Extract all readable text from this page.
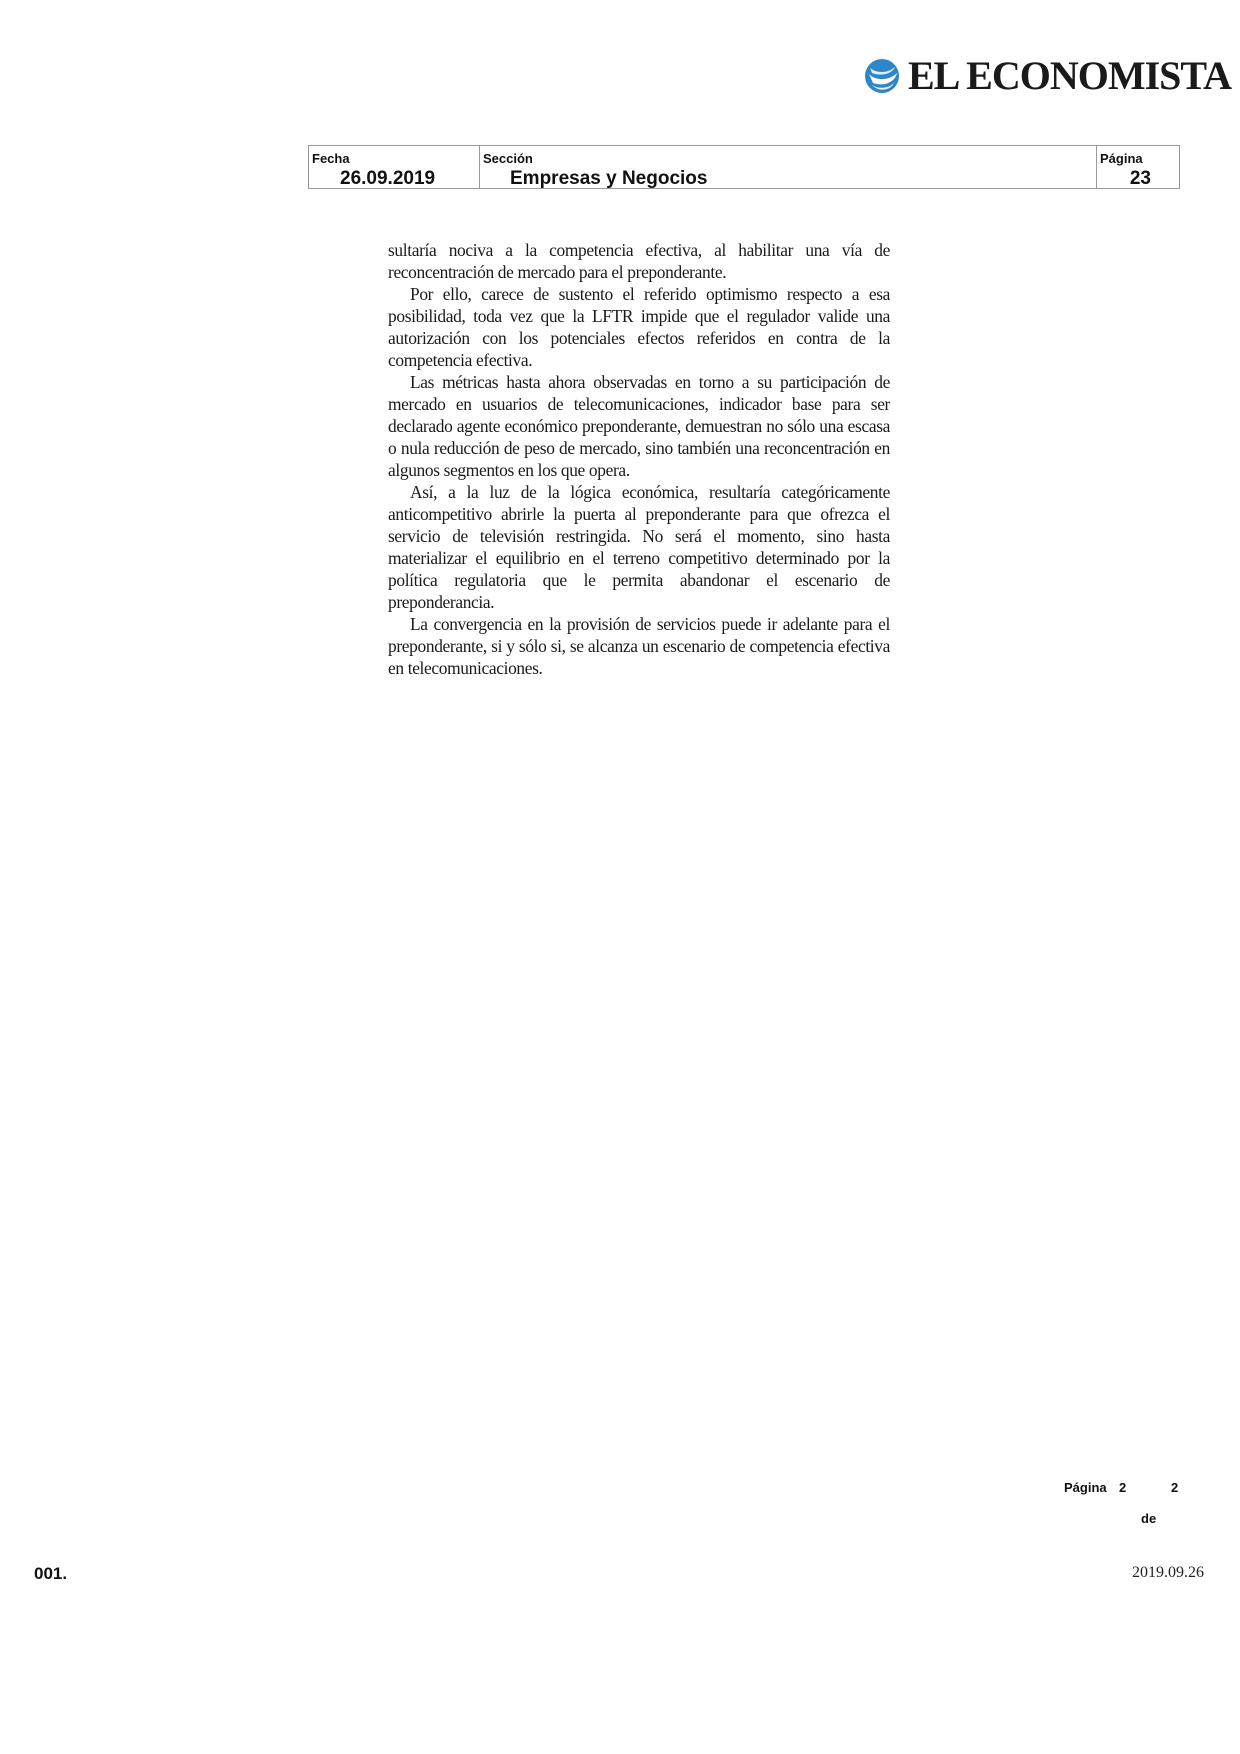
EL ECONOMISTA
Fecha
26.09.2019
Sección
Empresas y Negocios
Página
23

sultaría nociva a la competencia efectiva, al habilitar una vía de reconcentración de mercado para el preponderante.

Por ello, carece de sustento el referido optimismo respecto a esa posibilidad, toda vez que la LFTR impide que el regulador valide una autorización con los potenciales efectos referidos en contra de la competencia efectiva.

Las métricas hasta ahora observadas en torno a su participación de mercado en usuarios de telecomunicaciones, indicador base para ser declarado agente económico preponderante, demuestran no sólo una escasa o nula reducción de peso de mercado, sino también una reconcentración en algunos segmentos en los que opera.

Así, a la luz de la lógica económica, resultaría categóricamente anticompetitivo abrirle la puerta al preponderante para que ofrezca el servicio de televisión restringida. No será el momento, sino hasta materializar el equilibrio en el terreno competitivo determinado por la política regulatoria que le permita abandonar el escenario de preponderancia.

La convergencia en la provisión de servicios puede ir adelante para el preponderante, si y sólo si, se alcanza un escenario de competencia efectiva en telecomunicaciones.

Página 2	2
de
001.	2019.09.26
